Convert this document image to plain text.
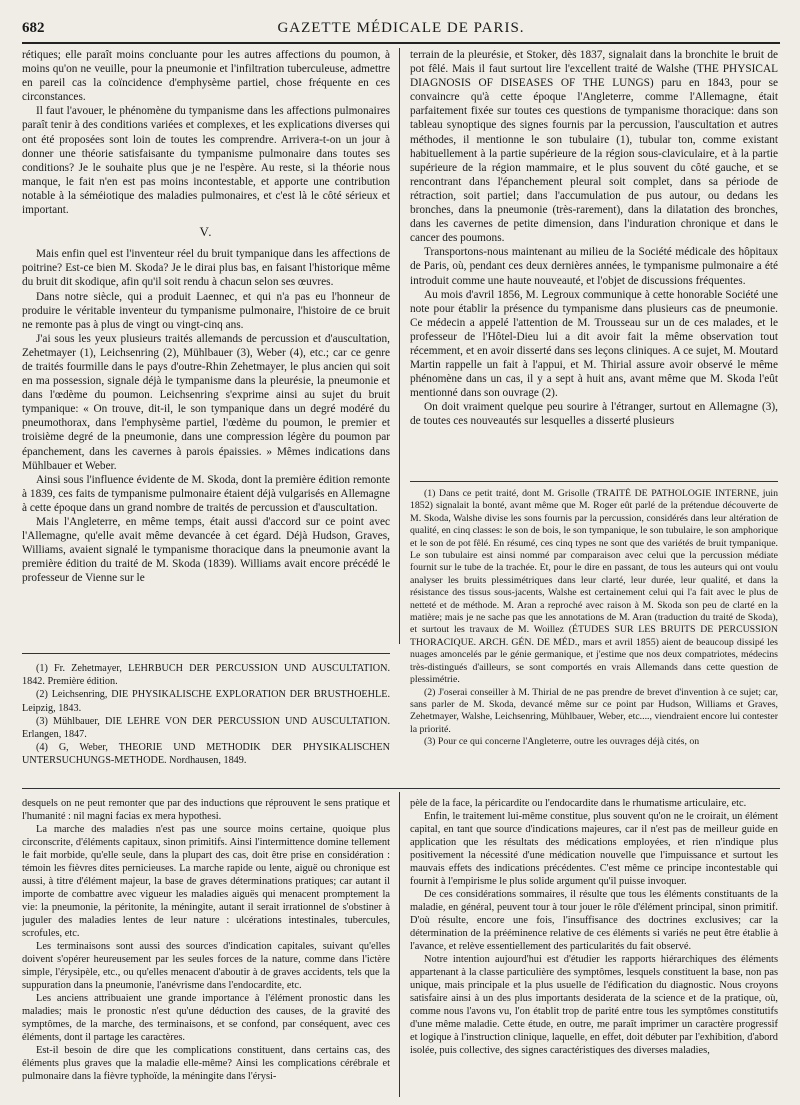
682	GAZETTE MÉDICALE DE PARIS.

rétiques; elle paraît moins concluante pour les autres affections du poumon, à moins qu'on ne veuille, pour la pneumonie et l'infiltration tuberculeuse, admettre en pareil cas la coïncidence d'emphysème partiel, chose fréquente en ces circonstances.

Il faut l'avouer, le phénomène du tympanisme dans les affections pulmonaires paraît tenir à des conditions variées et complexes, et les explications diverses qui ont été proposées sont loin de toutes les comprendre. Arrivera-t-on un jour à donner une théorie satisfaisante du tympanisme pulmonaire dans toutes ses conditions? Je le souhaite plus que je ne l'espère. Au reste, si la théorie nous manque, le fait n'en est pas moins incontestable, et apporte une contribution notable à la séméiotique des maladies pulmonaires, et c'est là le côté sérieux et important.

V.

Mais enfin quel est l'inventeur réel du bruit tympanique dans les affections de poitrine? Est-ce bien M. Skoda? Je le dirai plus bas, en faisant l'historique même du bruit dit skodique, afin qu'il soit rendu à chacun selon ses œuvres.

Dans notre siècle, qui a produit Laennec, et qui n'a pas eu l'honneur de produire le véritable inventeur du tympanisme pulmonaire, l'histoire de ce bruit ne remonte pas à plus de vingt ou vingt-cinq ans.

J'ai sous les yeux plusieurs traités allemands de percussion et d'auscultation, Zehetmayer (1), Leichsenring (2), Mühlbauer (3), Weber (4), etc.; car ce genre de traités fourmille dans le pays d'outre-Rhin Zehetmayer, le plus ancien qui soit en ma possession, signale déjà le tympanisme dans la pleurésie, la pneumonie et dans l'œdème du poumon. Leichsenring s'exprime ainsi au sujet du bruit tympanique: « On trouve, dit-il, le son tympanique dans un degré modéré du pneumothorax, dans l'emphysème partiel, l'œdème du poumon, le premier et troisième degré de la pneumonie, dans une compression légère du poumon par épanchement, dans les cavernes à parois épaissies. » Mêmes indications dans Mühlbauer et Weber.

Ainsi sous l'influence évidente de M. Skoda, dont la première édition remonte à 1839, ces faits de tympanisme pulmonaire étaient déjà vulgarisés en Allemagne à cette époque dans un grand nombre de traités de percussion et d'auscultation.

Mais l'Angleterre, en même temps, était aussi d'accord sur ce point avec l'Allemagne, qu'elle avait même devancée à cet égard. Déjà Hudson, Graves, Williams, avaient signalé le tympanisme thoracique dans la pneumonie avant la première édition du traité de M. Skoda (1839). Williams avait encore précédé le professeur de Vienne sur le

terrain de la pleurésie, et Stoker, dès 1837, signalait dans la bronchite le bruit de pot fêlé. Mais il faut surtout lire l'excellent traité de Walshe (THE PHYSICAL DIAGNOSIS OF DISEASES OF THE LUNGS) paru en 1843, pour se convaincre qu'à cette époque l'Angleterre, comme l'Allemagne, était parfaitement fixée sur toutes ces questions de tympanisme thoracique: dans son tableau synoptique des signes fournis par la percussion, l'auscultation et autres méthodes, il mentionne le son tubulaire (1), tubular ton, comme existant habituellement à la partie supérieure de la région sous-claviculaire, et à la partie supérieure de la région mammaire, et le plus souvent du côté gauche, et se rencontrant dans l'épanchement pleural soit complet, dans sa période de rétraction, soit partiel; dans l'accumulation de pus autour, ou dedans les bronches, dans la pneumonie (très-rarement), dans la dilatation des bronches, dans les cavernes de petite dimension, dans l'induration chronique et dans le cancer des poumons.

Transportons-nous maintenant au milieu de la Société médicale des hôpitaux de Paris, où, pendant ces deux dernières années, le tympanisme pulmonaire a été introduit comme une haute nouveauté, et l'objet de discussions fréquentes.

Au mois d'avril 1856, M. Legroux communique à cette honorable Société une note pour établir la présence du tympanisme dans plusieurs cas de pneumonie. Ce médecin a appelé l'attention de M. Trousseau sur un de ces malades, et le professeur de l'Hôtel-Dieu lui a dit avoir fait la même observation tout récemment, et en avoir disserté dans ses leçons cliniques. A ce sujet, M. Moutard Martin rappelle un fait à l'appui, et M. Thirial assure avoir observé le même phénomène dans un cas, il y a sept à huit ans, avant même que M. Skoda l'eût mentionné dans son ouvrage (2).

On doit vraiment quelque peu sourire à l'étranger, surtout en Allemagne (3), de toutes ces nouveautés sur lesquelles a disserté plusieurs

(1) Fr. Zehetmayer, LEHRBUCH DER PERCUSSION UND AUSCULTATION. 1842. Première édition.

(2) Leichsenring, DIE PHYSIKALISCHE EXPLORATION DER BRUSTHOEHLE. Leipzig, 1843.

(3) Mühlbauer, DIE LEHRE VON DER PERCUSSION UND AUSCULTATION. Erlangen, 1847.

(4) G, Weber, THEORIE UND METHODIK DER PHYSIKALISCHEN UNTERSUCHUNGS-METHODE. Nordhausen, 1849.

(1) Dans ce petit traité, dont M. Grisolle (TRAITÉ DE PATHOLOGIE INTERNE, juin 1852) signalait la bonté, avant même que M. Roger eût parlé de la prétendue découverte de M. Skoda, Walshe divise les sons fournis par la percussion, considérés dans leur altération de qualité, en cinq classes: le son de bois, le son tympanique, le son tubulaire, le son amphorique et le son de pot fêlé. En résumé, ces cinq types ne sont que des variétés de bruit tympanique. Le son tubulaire est ainsi nommé par comparaison avec celui que la percussion médiate fournit sur le tube de la trachée. Et, pour le dire en passant, de tous les auteurs qui ont voulu analyser les bruits plessimétriques dans leur clarté, leur durée, leur qualité, et dans la résistance des tissus sous-jacents, Walshe est certainement celui qui l'a fait avec le plus de netteté et de méthode. M. Aran a reproché avec raison à M. Skoda son peu de clarté en la matière; mais je ne sache pas que les annotations de M. Aran (traduction du traité de Skoda), et surtout les travaux de M. Woillez (ÉTUDES SUR LES BRUITS DE PERCUSSION THORACIQUE. ARCH. GÉN. DE MÉD., mars et avril 1855) aient de beaucoup dissipé les nuages amoncelés par le génie germanique, et j'estime que nos deux compatriotes, médecins très-distingués d'ailleurs, se sont comportés en vrais Allemands dans cette question de plessimétrie.

(2) J'oserai conseiller à M. Thirial de ne pas prendre de brevet d'invention à ce sujet; car, sans parler de M. Skoda, devancé même sur ce point par Hudson, Williams et Graves, Zehetmayer, Walshe, Leichsenring, Mühlbauer, Weber, etc...., viendraient encore lui contester la priorité.

(3) Pour ce qui concerne l'Angleterre, outre les ouvrages déjà cités, on

desquels on ne peut remonter que par des inductions que réprouvent le sens pratique et l'humanité : nil magni facias ex mera hypothesi.

La marche des maladies n'est pas une source moins certaine, quoique plus circonscrite, d'éléments capitaux, sinon primitifs. Ainsi l'intermittence domine tellement le fait morbide, qu'elle seule, dans la plupart des cas, doit être prise en considération : témoin les fièvres dites pernicieuses. La marche rapide ou lente, aiguë ou chronique est aussi, à titre d'élément majeur, la base de graves déterminations pratiques; car autant il importe de combattre avec vigueur les maladies aiguës qui menacent promptement la vie: la pneumonie, la péritonite, la méningite, autant il serait irrationnel de s'obstiner à juguler des maladies lentes de leur nature : ulcérations intestinales, tubercules, scrofules, etc.

Les terminaisons sont aussi des sources d'indication capitales, suivant qu'elles doivent s'opérer heureusement par les seules forces de la nature, comme dans l'ictère simple, l'érysipèle, etc., ou qu'elles menacent d'aboutir à de graves accidents, tels que la suppuration dans la pneumonie, l'anévrisme dans l'endocardite, etc.

Les anciens attribuaient une grande importance à l'élément pronostic dans les maladies; mais le pronostic n'est qu'une déduction des causes, de la gravité des symptômes, de la marche, des terminaisons, et se confond, par conséquent, avec ces éléments, dont il partage les caractères.

Est-il besoin de dire que les complications constituent, dans certains cas, des éléments plus graves que la maladie elle-même? Ainsi les complications cérébrale et pulmonaire dans la fièvre typhoïde, la méningite dans l'érysi-

pèle de la face, la péricardite ou l'endocardite dans le rhumatisme articulaire, etc.

Enfin, le traitement lui-même constitue, plus souvent qu'on ne le croirait, un élément capital, en tant que source d'indications majeures, car il n'est pas de meilleur guide en application que les résultats des médications employées, et rien n'indique plus positivement la nécessité d'une médication nouvelle que l'impuissance et surtout les mauvais effets des indications précédentes. C'est même ce principe incontestable qui fournit à l'empirisme le plus solide argument qu'il puisse invoquer.

De ces considérations sommaires, il résulte que tous les éléments constituants de la maladie, en général, peuvent tour à tour jouer le rôle d'élément principal, sinon primitif. D'où résulte, encore une fois, l'insuffisance des doctrines exclusives; car la détermination de la prééminence relative de ces éléments si variés ne peut être établie à l'avance, et relève essentiellement des particularités du fait observé.

Notre intention aujourd'hui est d'étudier les rapports hiérarchiques des éléments appartenant à la classe particulière des symptômes, lesquels constituent la base, non pas unique, mais principale et la plus usuelle de l'édification du diagnostic. Nous croyons satisfaire ainsi à un des plus importants desiderata de la science et de la pratique, où, comme nous l'avons vu, l'on établit trop de parité entre tous les symptômes constitutifs d'une même maladie. Cette étude, en outre, me paraît imprimer un caractère progressif et logique à l'instruction clinique, laquelle, en effet, doit débuter par l'exhibition, d'abord isolée, puis collective, des signes caractéristiques des diverses maladies,
